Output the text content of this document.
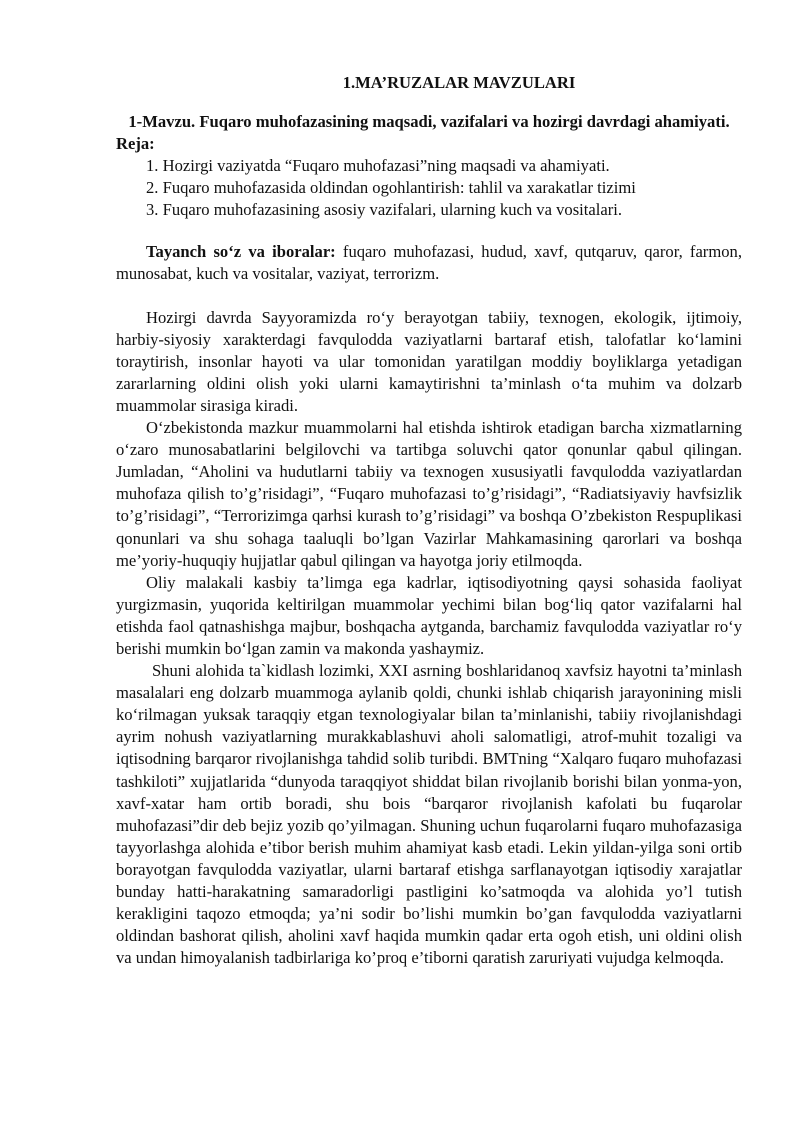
1.MA’RUZALAR MAVZULARI
1-Mavzu. Fuqaro muhofazasining maqsadi, vazifalari va hozirgi davrdagi ahamiyati.
Reja:
1. Hozirgi vaziyatda “Fuqaro muhofazasi”ning maqsadi va ahamiyati.
2. Fuqaro muhofazasida oldindan ogohlantirish: tahlil va xarakatlar tizimi
3. Fuqaro muhofazasining asosiy vazifalari, ularning kuch va vositalari.

Tayanch so‘z va iboralar: fuqaro muhofazasi, hudud, xavf, qutqaruv, qaror, farmon, munosabat, kuch va vositalar, vaziyat, terrorizm.

Hozirgi davrda Sayyoramizda ro‘y berayotgan tabiiy, texnogen, ekologik, ijtimoiy, harbiy-siyosiy xarakterdagi favqulodda vaziyatlarni bartaraf etish, talofatlar ko‘lamini toraytirish, insonlar hayoti va ular tomonidan yaratilgan moddiy boyliklarga yetadigan zararlarning oldini olish yoki ularni kamaytirishni ta’minlash o‘ta muhim va dolzarb muammolar sirasiga kiradi.

O‘zbekistonda mazkur muammolarni hal etishda ishtirok etadigan barcha xizmatlarning o‘zaro munosabatlarini belgilovchi va tartibga soluvchi qator qonunlar qabul qilingan. Jumladan, “Aholini va hudutlarni tabiiy va texnogen xususiyatli favqulodda vaziyatlardan muhofaza qilish to’g’risidagi”, “Fuqaro muhofazasi to’g’risidagi”, “Radiatsiyaviy havfsizlik to’g’risidagi”, “Terrorizimga qarhsi kurash to’g’risidagi” va boshqa O’zbekiston Respuplikasi qonunlari va shu sohaga taaluqli bo’lgan Vazirlar Mahkamasining qarorlari va boshqa me’yoriy-huquqiy hujjatlar qabul qilingan va hayotga joriy etilmoqda.

Oliy malakali kasbiy ta’limga ega kadrlar, iqtisodiyotning qaysi sohasida faoliyat yurgizmasin, yuqorida keltirilgan muammolar yechimi bilan bog‘liq qator vazifalarni hal etishda faol qatnashishga majbur, boshqacha aytganda, barchamiz favqulodda vaziyatlar ro‘y berishi mumkin bo‘lgan zamin va makonda yashaymiz.

Shuni alohida ta`kidlash lozimki, XXI asrning boshlaridanoq xavfsiz hayotni ta’minlash masalalari eng dolzarb muammoga aylanib qoldi, chunki ishlab chiqarish jarayonining misli ko‘rilmagan yuksak taraqqiy etgan texnologiyalar bilan ta’minlanishi, tabiiy rivojlanishdagi ayrim nohush vaziyatlarning murakkablashuvi aholi salomatligi, atrof-muhit tozaligi va iqtisodning barqaror rivojlanishga tahdid solib turibdi. BMTning “Xalqaro fuqaro muhofazasi tashkiloti” xujjatlarida “dunyoda taraqqiyot shiddat bilan rivojlanib borishi bilan yonma-yon, xavf-xatar ham ortib boradi, shu bois “barqaror rivojlanish kafolati bu fuqarolar muhofazasi”dir deb bejiz yozib qo’yilmagan. Shuning uchun fuqarolarni fuqaro muhofazasiga tayyorlashga alohida e’tibor berish muhim ahamiyat kasb etadi. Lekin yildan-yilga soni ortib borayotgan favqulodda vaziyatlar, ularni bartaraf etishga sarflanayotgan iqtisodiy xarajatlar bunday hatti-harakatning samaradorligi pastligini ko’satmoqda va alohida yo’l tutish kerakligini taqozo etmoqda; ya’ni sodir bo’lishi mumkin bo’gan favqulodda vaziyatlarni oldindan bashorat qilish, aholini xavf haqida mumkin qadar erta ogoh etish, uni oldini olish va undan himoyalanish tadbirlariga ko’proq e’tiborni qaratish zaruriyati vujudga kelmoqda.
